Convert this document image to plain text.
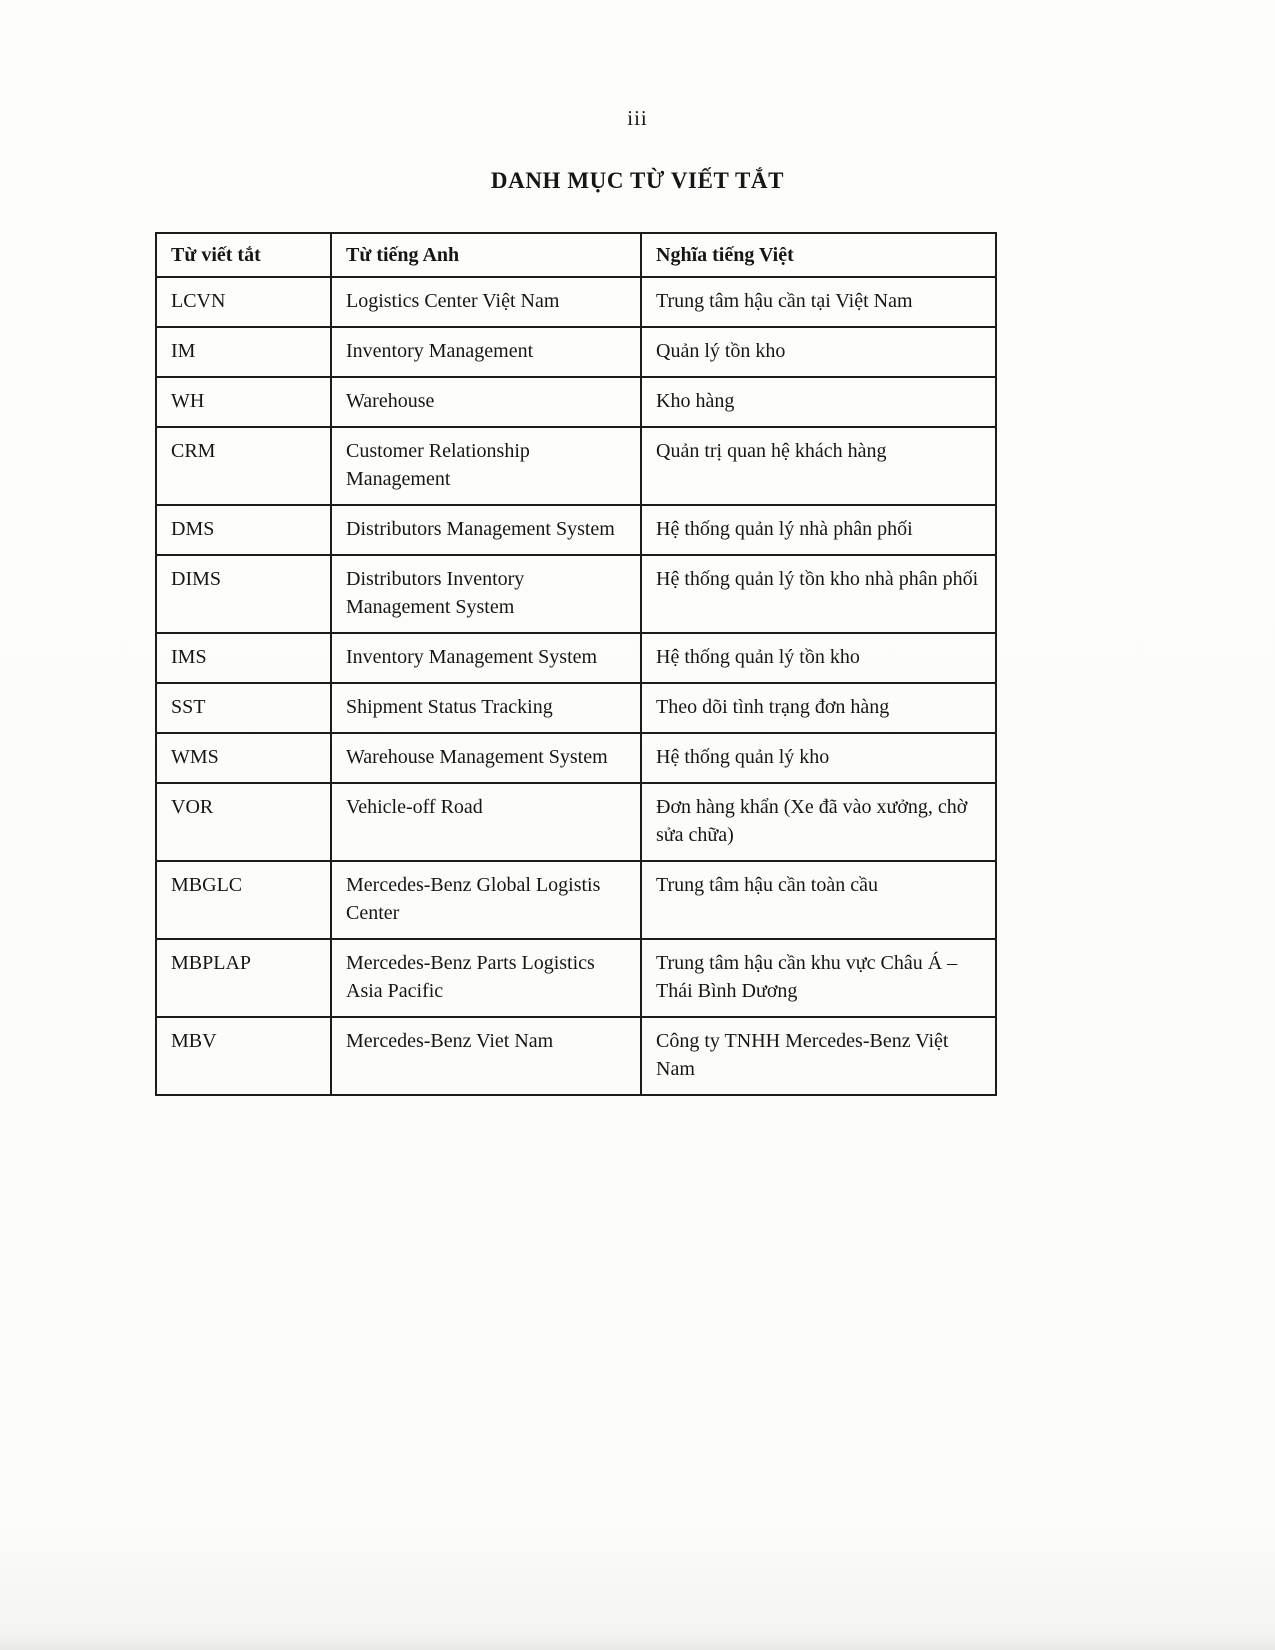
iii
DANH MỤC TỪ VIẾT TẮT
Từ viết tắt	Từ tiếng Anh	Nghĩa tiếng Việt
LCVN	Logistics Center Việt Nam	Trung tâm hậu cần tại Việt Nam
IM	Inventory Management	Quản lý tồn kho
WH	Warehouse	Kho hàng
CRM	Customer Relationship Management	Quản trị quan hệ khách hàng
DMS	Distributors Management System	Hệ thống quản lý nhà phân phối
DIMS	Distributors Inventory Management System	Hệ thống quản lý tồn kho nhà phân phối
IMS	Inventory Management System	Hệ thống quản lý tồn kho
SST	Shipment Status Tracking	Theo dõi tình trạng đơn hàng
WMS	Warehouse Management System	Hệ thống quản lý kho
VOR	Vehicle-off Road	Đơn hàng khẩn (Xe đã vào xưởng, chờ sửa chữa)
MBGLC	Mercedes-Benz Global Logistis Center	Trung tâm hậu cần toàn cầu
MBPLAP	Mercedes-Benz Parts Logistics Asia Pacific	Trung tâm hậu cần khu vực Châu Á – Thái Bình Dương
MBV	Mercedes-Benz Viet Nam	Công ty TNHH Mercedes-Benz Việt Nam
